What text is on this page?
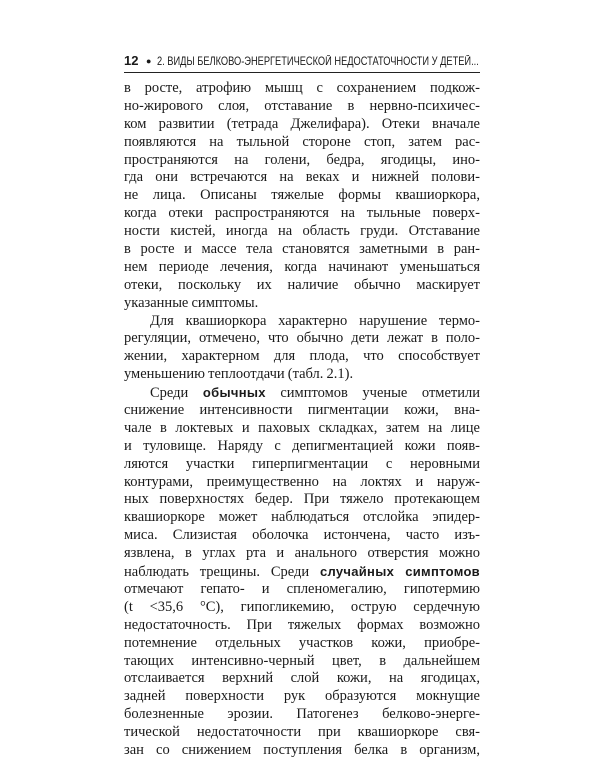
12 ● 2. ВИДЫ БЕЛКОВО-ЭНЕРГЕТИЧЕСКОЙ НЕДОСТАТОЧНОСТИ У ДЕТЕЙ...
в росте, атрофию мышц с сохранением подкож-
но-жирового слоя, отставание в нервно-психичес-
ком развитии (тетрада Джелифара). Отеки вначале
появляются на тыльной стороне стоп, затем рас-
пространяются на голени, бедра, ягодицы, ино-
гда они встречаются на веках и нижней полови-
не лица. Описаны тяжелые формы квашиоркора,
когда отеки распространяются на тыльные поверх-
ности кистей, иногда на область груди. Отставание
в росте и массе тела становятся заметными в ран-
нем периоде лечения, когда начинают уменьшаться
отеки, поскольку их наличие обычно маскирует
указанные симптомы.
Для квашиоркора характерно нарушение термо-
регуляции, отмечено, что обычно дети лежат в поло-
жении, характерном для плода, что способствует
уменьшению теплоотдачи (табл. 2.1).
Среди обычных симптомов ученые отметили
снижение интенсивности пигментации кожи, вна-
чале в локтевых и паховых складках, затем на лице
и туловище. Наряду с депигментацией кожи появ-
ляются участки гиперпигментации с неровными
контурами, преимущественно на локтях и наруж-
ных поверхностях бедер. При тяжело протекающем
квашиоркоре может наблюдаться отслойка эпидер-
миса. Слизистая оболочка истончена, часто изъ-
язвлена, в углах рта и анального отверстия можно
наблюдать трещины. Среди случайных симптомов
отмечают гепато- и спленомегалию, гипотермию
(t <35,6 °С), гипогликемию, острую сердечную
недостаточность. При тяжелых формах возможно
потемнение отдельных участков кожи, приобре-
тающих интенсивно-черный цвет, в дальнейшем
отслаивается верхний слой кожи, на ягодицах,
задней поверхности рук образуются мокнущие
болезненные эрозии. Патогенез белково-энерге-
тической недостаточности при квашиоркоре свя-
зан со снижением поступления белка в организм,
